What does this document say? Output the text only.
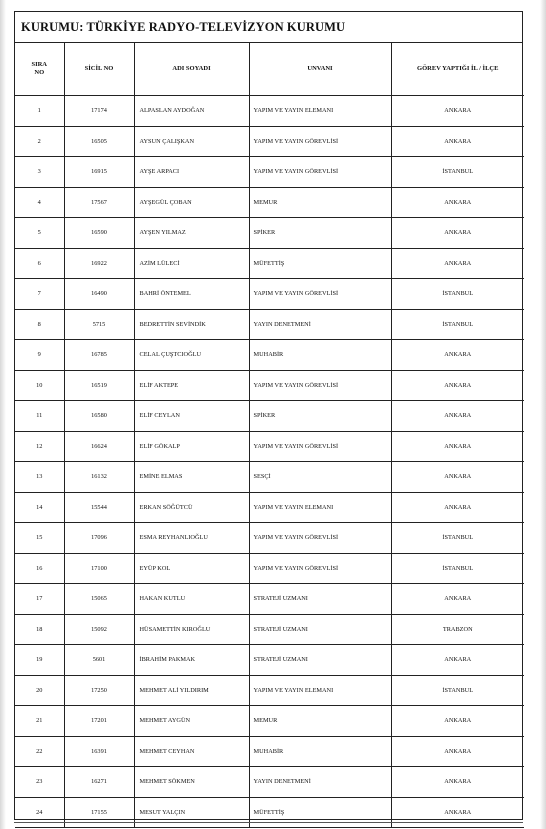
KURUMU: TÜRKİYE RADYO-TELEVİZYON KURUMU
SIRA
NO	SİCİL NO	ADI SOYADI	UNVANI	GÖREV YAPTIĞI İL / İLÇE
1	17174	ALPASLAN AYDOĞAN	YAPIM VE YAYIN ELEMANI	ANKARA
2	16505	AYSUN ÇALIŞKAN	YAPIM VE YAYIN GÖREVLİSİ	ANKARA
3	16915	AYŞE ARPACI	YAPIM VE YAYIN GÖREVLİSİ	İSTANBUL
4	17567	AYŞEGÜL ÇOBAN	MEMUR	ANKARA
5	16590	AYŞEN YILMAZ	SPİKER	ANKARA
6	16922	AZİM LÜLECİ	MÜFETTİŞ	ANKARA
7	16490	BAHRİ ÖNTEMEL	YAPIM VE YAYIN GÖREVLİSİ	İSTANBUL
8	5715	BEDRETTİN SEVİNDİK	YAYIN DENETMENİ	İSTANBUL
9	16785	CELAL ÇUŞTCIOĞLU	MUHABİR	ANKARA
10	16519	ELİF AKTEPE	YAPIM VE YAYIN GÖREVLİSİ	ANKARA
11	16580	ELİF CEYLAN	SPİKER	ANKARA
12	16624	ELİF GÖKALP	YAPIM VE YAYIN GÖREVLİSİ	ANKARA
13	16132	EMİNE ELMAS	SESÇİ	ANKARA
14	15544	ERKAN SÖĞÜTCÜ	YAPIM VE YAYIN ELEMANI	ANKARA
15	17096	ESMA REYHANLIOĞLU	YAPIM VE YAYIN GÖREVLİSİ	İSTANBUL
16	17100	EYÜP KOL	YAPIM VE YAYIN GÖREVLİSİ	İSTANBUL
17	15065	HAKAN KUTLU	STRATEJİ UZMANI	ANKARA
18	15092	HÜSAMETTİN KIROĞLU	STRATEJİ UZMANI	TRABZON
19	5601	İBRAHİM PAKMAK	STRATEJİ UZMANI	ANKARA
20	17250	MEHMET ALİ YILDIRIM	YAPIM VE YAYIN ELEMANI	İSTANBUL
21	17201	MEHMET AYGÜN	MEMUR	ANKARA
22	16391	MEHMET CEYHAN	MUHABİR	ANKARA
23	16271	MEHMET SÖKMEN	YAYIN DENETMENİ	ANKARA
24	17155	MESUT YALÇIN	MÜFETTİŞ	ANKARA
